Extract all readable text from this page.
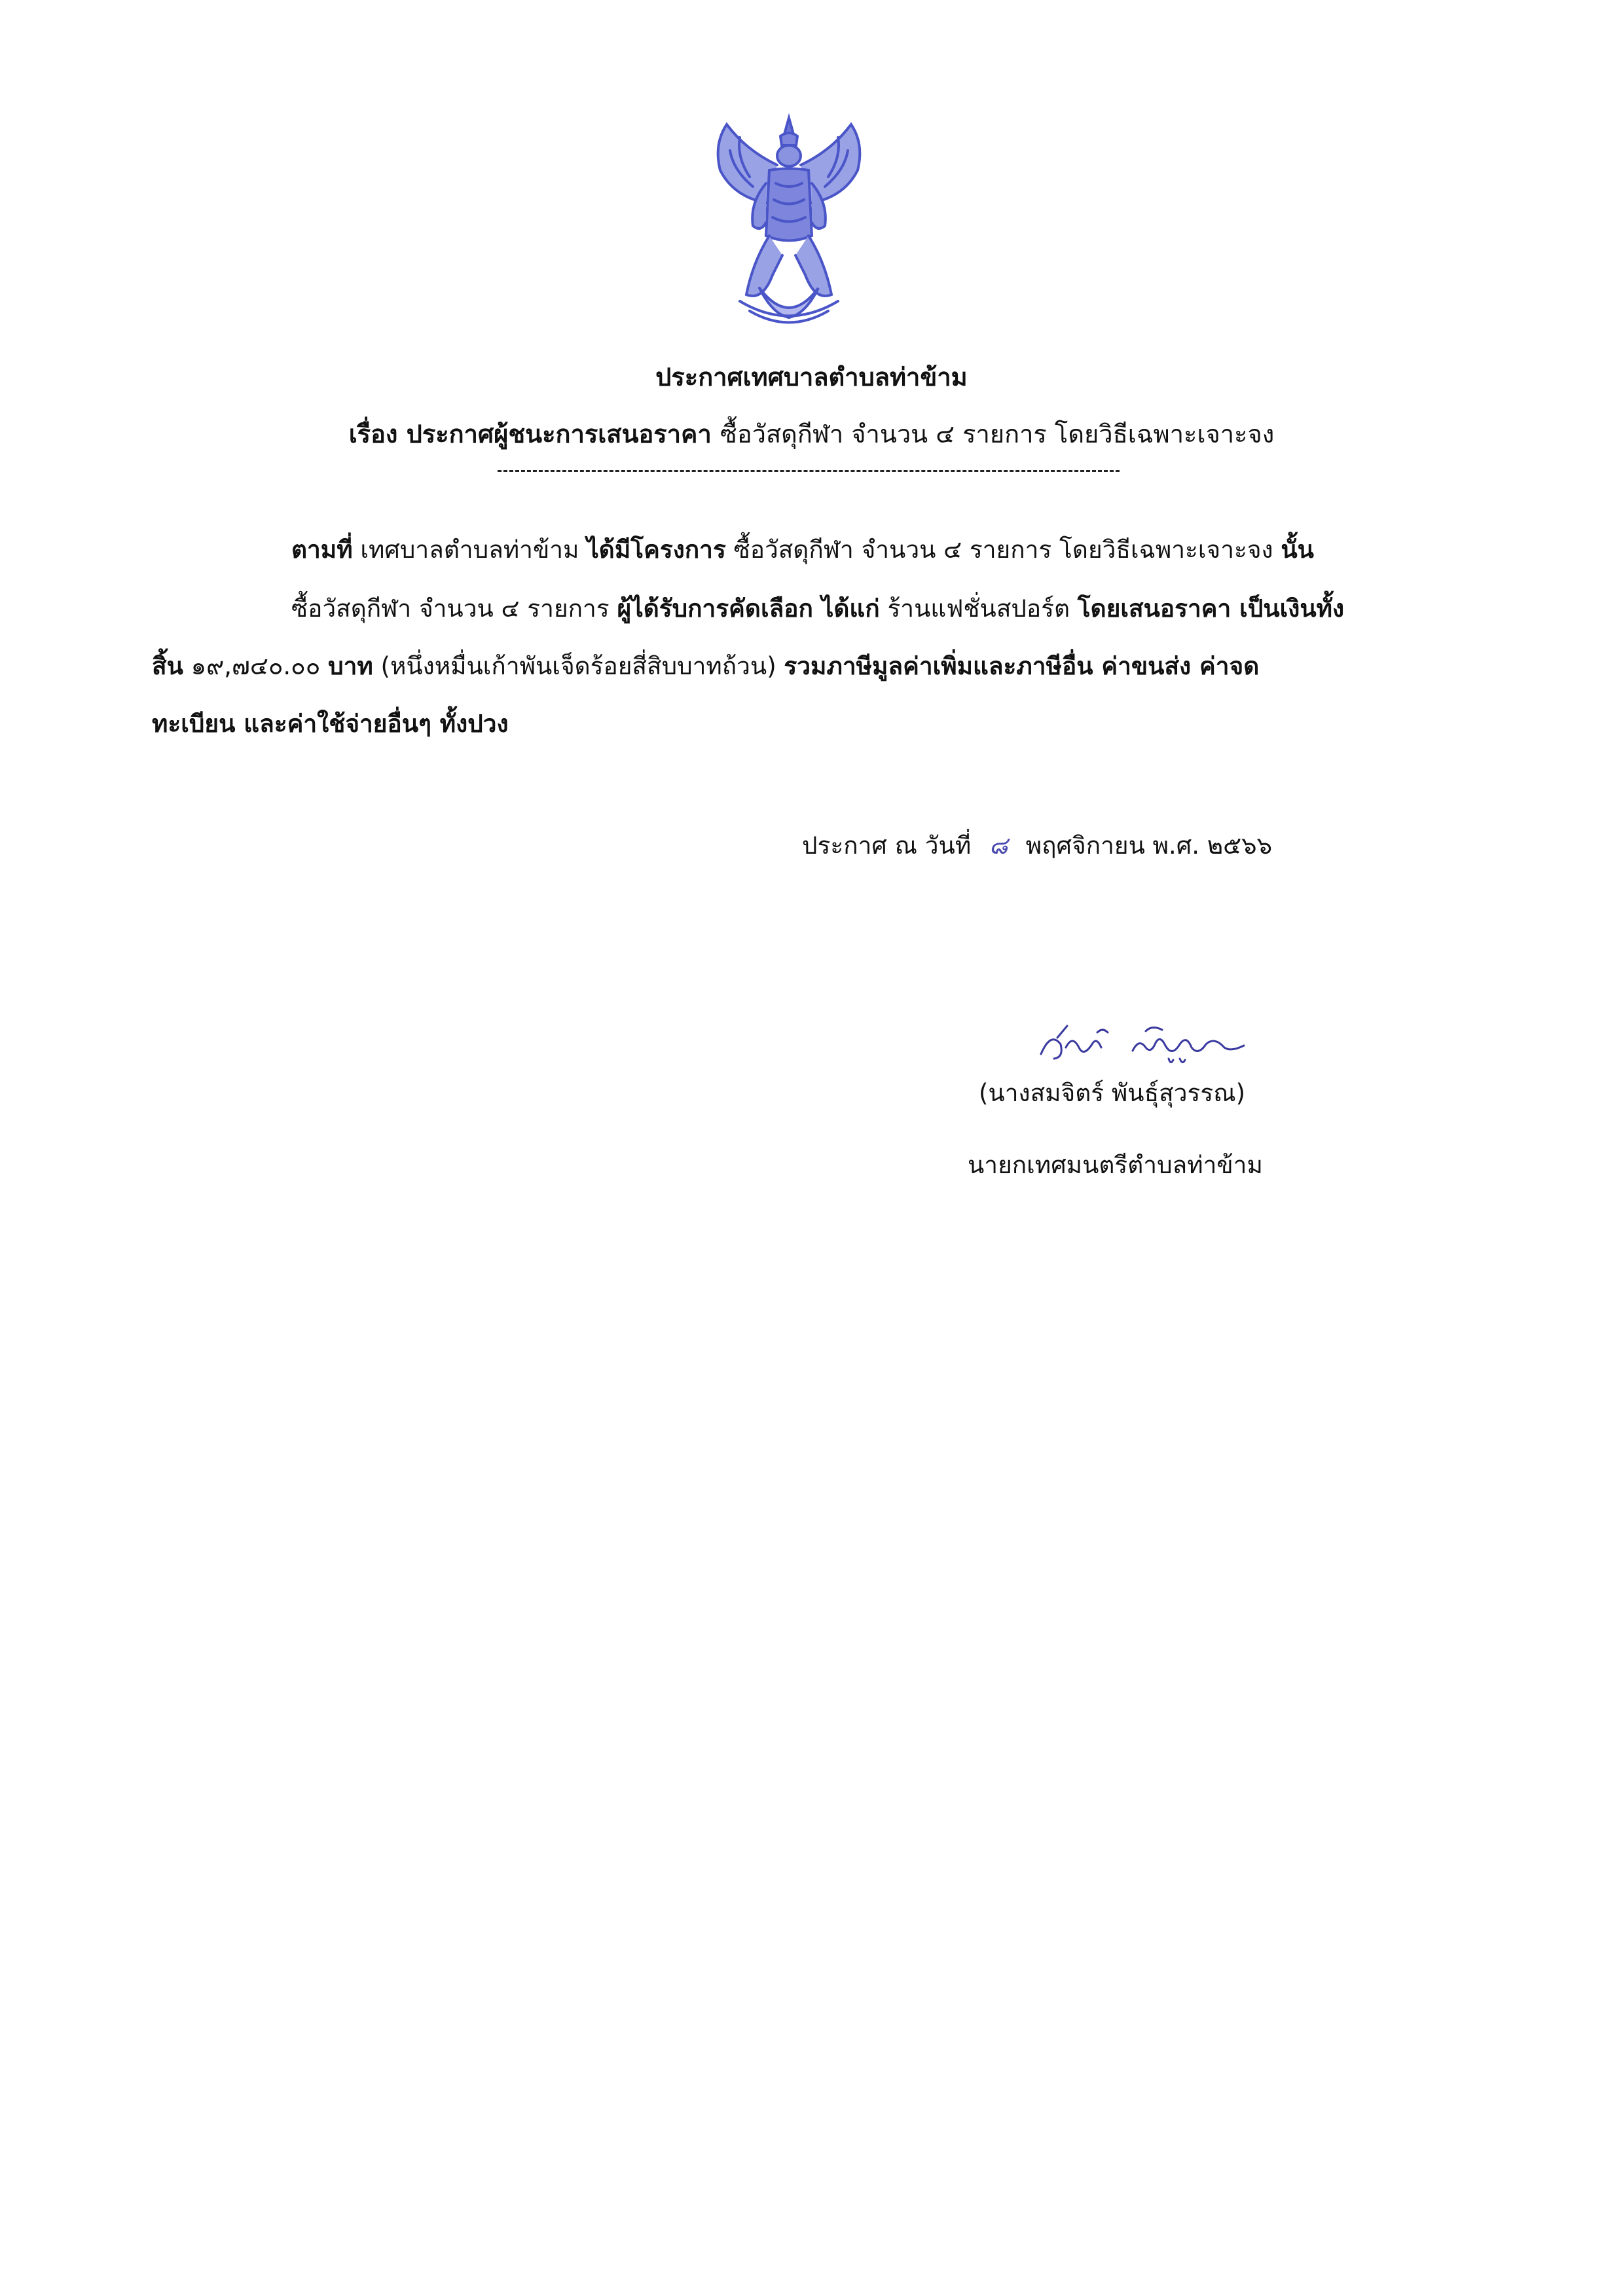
ประกาศเทศบาลตำบลท่าข้าม
เรื่อง ประกาศผู้ชนะการเสนอราคา ซื้อวัสดุกีฬา จำนวน ๔ รายการ โดยวิธีเฉพาะเจาะจง
ตามที่ เทศบาลตำบลท่าข้าม ได้มีโครงการ ซื้อวัสดุกีฬา จำนวน ๔ รายการ โดยวิธีเฉพาะเจาะจง นั้น
ซื้อวัสดุกีฬา จำนวน ๔ รายการ ผู้ได้รับการคัดเลือก ได้แก่ ร้านแฟชั่นสปอร์ต โดยเสนอราคา เป็นเงินทั้ง
สิ้น ๑๙,๗๔๐.๐๐ บาท (หนึ่งหมื่นเก้าพันเจ็ดร้อยสี่สิบบาทถ้วน) รวมภาษีมูลค่าเพิ่มและภาษีอื่น ค่าขนส่ง ค่าจด
ทะเบียน และค่าใช้จ่ายอื่นๆ ทั้งปวง
ประกาศ ณ วันที่ ๘ พฤศจิกายน พ.ศ. ๒๕๖๖
(นางสมจิตร์ พันธุ์สุวรรณ)
นายกเทศมนตรีตำบลท่าข้าม
